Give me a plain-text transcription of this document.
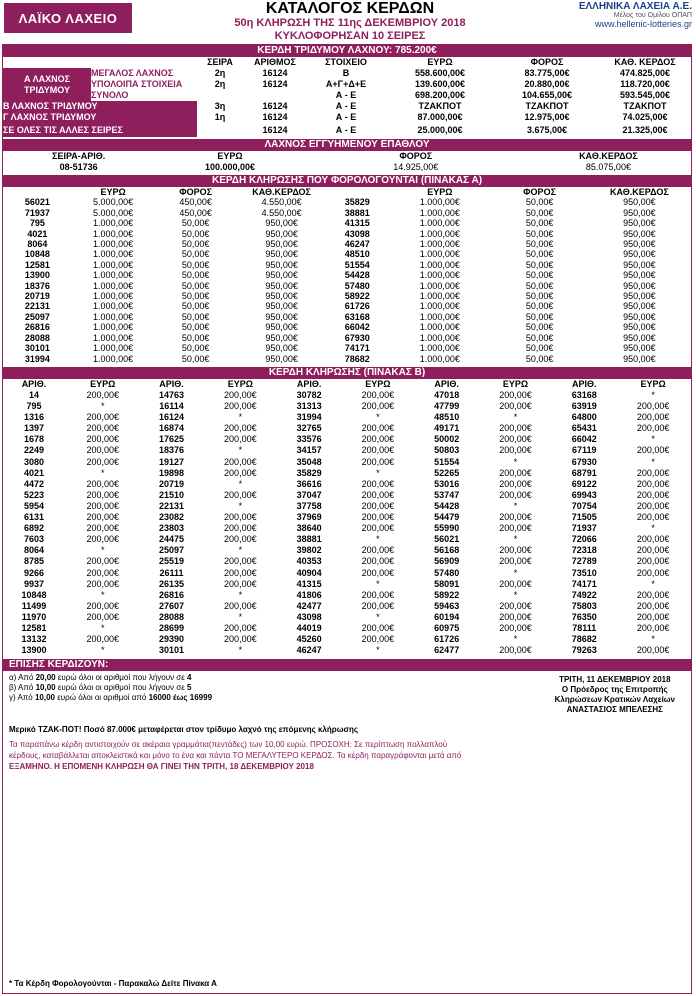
ΛΑΪΚΟ ΛΑΧΕΙΟ
ΚΑΤΑΛΟΓΟΣ ΚΕΡΔΩΝ
50η ΚΛΗΡΩΣΗ ΤΗΣ 11ης ΔΕΚΕΜΒΡΙΟΥ 2018
ΚΥΚΛΟΦΟΡΗΣΑΝ 10 ΣΕΙΡΕΣ
ΕΛΛΗΝΙΚΑ ΛΑΧΕΙΑ Α.Ε.
Μέλος του Ομίλου ΟΠΑΠ
www.hellenic-lotteries.gr
ΚΕΡΔΗ ΤΡΙΔΥΜΟΥ ΛΑΧΝΟΥ: 785.200€
		ΣΕΙΡΑ	ΑΡΙΘΜΟΣ	ΣΤΟΙΧΕΙΟ	ΕΥΡΩ	ΦΟΡΟΣ	ΚΑΘ. ΚΕΡΔΟΣ
Α ΛΑΧΝΟΣ
ΤΡΙΔΥΜΟΥ	ΜΕΓΑΛΟΣ ΛΑΧΝΟΣ	2η	16124	Β	558.600,00€	83.775,00€	474.825,00€
	ΥΠΟΛΟΙΠΑ ΣΤΟΙΧΕΙΑ	2η	16124	Α+Γ+Δ+Ε	139.600,00€	20.880,00€	118.720,00€
	ΣΥΝΟΛΟ			Α - Ε	698.200,00€	104.655,00€	593.545,00€
Β ΛΑΧΝΟΣ ΤΡΙΔΥΜΟΥ		3η	16124	Α - Ε	ΤΖΑΚΠΟΤ	ΤΖΑΚΠΟΤ	ΤΖΑΚΠΟΤ
Γ ΛΑΧΝΟΣ ΤΡΙΔΥΜΟΥ		1η	16124	Α - Ε	87.000,00€	12.975,00€	74.025,00€
ΣΕ ΟΛΕΣ ΤΙΣ ΑΛΛΕΣ ΣΕΙΡΕΣ			16124	Α - Ε	25.000,00€	3.675,00€	21.325,00€
ΛΑΧΝΟΣ ΕΓΓΥΗΜΕΝΟΥ ΕΠΑΘΛΟΥ
ΣΕΙΡΑ-ΑΡΙΘ.	ΕΥΡΩ	ΦΟΡΟΣ	ΚΑΘ.ΚΕΡΔΟΣ
08-51736	100.000,00€	14.925,00€	85.075,00€
ΚΕΡΔΗ ΚΛΗΡΩΣΗΣ ΠΟΥ ΦΟΡΟΛΟΓΟΥΝΤΑΙ (ΠΙΝΑΚΑΣ Α)
	ΕΥΡΩ	ΦΟΡΟΣ	ΚΑΘ.ΚΕΡΔΟΣ		ΕΥΡΩ	ΦΟΡΟΣ	ΚΑΘ.ΚΕΡΔΟΣ
56021	5.000,00€	450,00€	4.550,00€	35829	1.000,00€	50,00€	950,00€
71937	5.000,00€	450,00€	4.550,00€	38881	1.000,00€	50,00€	950,00€
795	1.000,00€	50,00€	950,00€	41315	1.000,00€	50,00€	950,00€
4021	1.000,00€	50,00€	950,00€	43098	1.000,00€	50,00€	950,00€
8064	1.000,00€	50,00€	950,00€	46247	1.000,00€	50,00€	950,00€
10848	1.000,00€	50,00€	950,00€	48510	1.000,00€	50,00€	950,00€
12581	1.000,00€	50,00€	950,00€	51554	1.000,00€	50,00€	950,00€
13900	1.000,00€	50,00€	950,00€	54428	1.000,00€	50,00€	950,00€
18376	1.000,00€	50,00€	950,00€	57480	1.000,00€	50,00€	950,00€
20719	1.000,00€	50,00€	950,00€	58922	1.000,00€	50,00€	950,00€
22131	1.000,00€	50,00€	950,00€	61726	1.000,00€	50,00€	950,00€
25097	1.000,00€	50,00€	950,00€	63168	1.000,00€	50,00€	950,00€
26816	1.000,00€	50,00€	950,00€	66042	1.000,00€	50,00€	950,00€
28088	1.000,00€	50,00€	950,00€	67930	1.000,00€	50,00€	950,00€
30101	1.000,00€	50,00€	950,00€	74171	1.000,00€	50,00€	950,00€
31994	1.000,00€	50,00€	950,00€	78682	1.000,00€	50,00€	950,00€
ΚΕΡΔΗ ΚΛΗΡΩΣΗΣ (ΠΙΝΑΚΑΣ Β)
ΑΡΙΘ.	ΕΥΡΩ	ΑΡΙΘ.	ΕΥΡΩ	ΑΡΙΘ.	ΕΥΡΩ	ΑΡΙΘ.	ΕΥΡΩ	ΑΡΙΘ.	ΕΥΡΩ
14	200,00€	14763	200,00€	30782	200,00€	47018	200,00€	63168	*
795	*	16114	200,00€	31313	200,00€	47799	200,00€	63919	200,00€
1316	200,00€	16124	*	31994	*	48510	*	64800	200,00€
1397	200,00€	16874	200,00€	32765	200,00€	49171	200,00€	65431	200,00€
1678	200,00€	17625	200,00€	33576	200,00€	50002	200,00€	66042	*
2249	200,00€	18376	*	34157	200,00€	50803	200,00€	67119	200,00€
3080	200,00€	19127	200,00€	35048	200,00€	51554	*	67930	*
4021	*	19898	200,00€	35829	*	52265	200,00€	68791	200,00€
4472	200,00€	20719	*	36616	200,00€	53016	200,00€	69122	200,00€
5223	200,00€	21510	200,00€	37047	200,00€	53747	200,00€	69943	200,00€
5954	200,00€	22131	*	37758	200,00€	54428	*	70754	200,00€
6131	200,00€	23082	200,00€	37969	200,00€	54479	200,00€	71505	200,00€
6892	200,00€	23803	200,00€	38640	200,00€	55990	200,00€	71937	*
7603	200,00€	24475	200,00€	38881	*	56021	*	72066	200,00€
8064	*	25097	*	39802	200,00€	56168	200,00€	72318	200,00€
8785	200,00€	25519	200,00€	40353	200,00€	56909	200,00€	72789	200,00€
9266	200,00€	26111	200,00€	40904	200,00€	57480	*	73510	200,00€
9937	200,00€	26135	200,00€	41315	*	58091	200,00€	74171	*
10848	*	26816	*	41806	200,00€	58922	*	74922	200,00€
11499	200,00€	27607	200,00€	42477	200,00€	59463	200,00€	75803	200,00€
11970	200,00€	28088	*	43098	*	60194	200,00€	76350	200,00€
12581	*	28699	200,00€	44019	200,00€	60975	200,00€	78111	200,00€
13132	200,00€	29390	200,00€	45260	200,00€	61726	*	78682	*
13900	*	30101	*	46247	*	62477	200,00€	79263	200,00€
ΕΠΙΣΗΣ ΚΕΡΔΙΖΟΥΝ:
α) Από 20,00 ευρώ όλοι οι αριθμοί που λήγουν σε 4
β) Από 10,00 ευρώ όλοι οι αριθμοί που λήγουν σε 5
γ) Από 10,00 ευρώ όλοι οι αριθμοί από 16000 έως 16999
ΤΡΙΤΗ, 11 ΔΕΚΕΜΒΡΙΟΥ 2018
Ο Πρόεδρος της Επιτροπής
Κληρώσεων Κρατικών Λαχείων
ΑΝΑΣΤΑΣΙΟΣ ΜΠΕΛΕΣΗΣ
Μερικό ΤΖΑΚ-ΠΟΤ! Ποσό 87.000€ μεταφέρεται στον τρίδυμο λαχνό της επόμενης κλήρωσης
Τα παραπάνω κέρδη αντιστοιχούν σε ακέραια γραμμάτια(πεντάδες) των 10,00 ευρώ. ΠΡΟΣΟΧΗ: Σε περίπτωση πολλαπλού
κέρδους, καταβάλλεται αποκλειστικά και μόνο το ένα και πάντα ΤΟ ΜΕΓΑΛΥΤΕΡΟ ΚΕΡΔΟΣ. Τα κέρδη παραγράφονται μετά από
ΕΞΑΜΗΝΟ. Η ΕΠΟΜΕΝΗ ΚΛΗΡΩΣΗ ΘΑ ΓΙΝΕΙ ΤΗΝ ΤΡΙΤΗ, 18 ΔΕΚΕΜΒΡΙΟΥ 2018
* Τα Κέρδη Φορολογούνται - Παρακαλώ Δείτε Πίνακα Α
